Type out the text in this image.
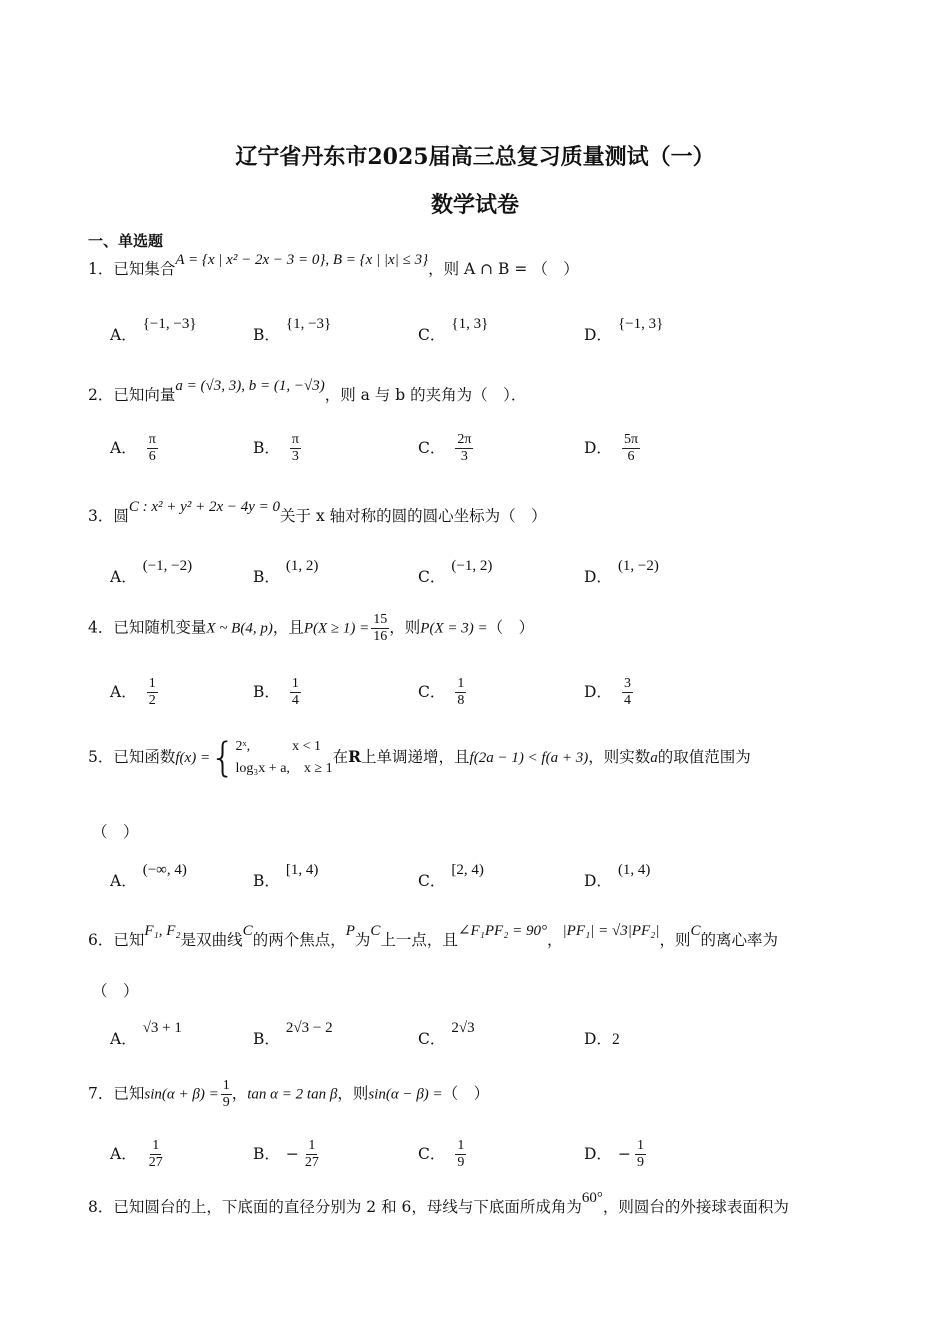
辽宁省丹东市2025届高三总复习质量测试（一）
数学试卷
一、单选题
1．已知集合A = {x | x² − 2x − 3 = 0}, B = {x | |x| ≤ 3}，则 A ∩ B = （　）
A．{−1, −3}
B．{1, −3}
C．{1, 3}
D．{−1, 3}
2．已知向量a = (√3, 3), b = (1, −√3)，则 a 与 b 的夹角为（　）．
A． $\frac{\pi}{6}$	B． $\frac{\pi}{3}$	C． $\frac{2\pi}{3}$	D． $\frac{5\pi}{6}$
3．圆C : x² + y² + 2x − 4y = 0关于 x 轴对称的圆的圆心坐标为（　）
A．(−1, −2)
B．(1, 2)
C．(−1, 2)
D．(1, −2)
4．已知随机变量X ~ B(4, p)，且$P(X \ge 1) = \frac{15}{16}$ ，则P(X = 3) =（　）
A． $\frac{1}{2}$	B． $\frac{1}{4}$	C． $\frac{1}{8}$	D． $\frac{3}{4}$
5．已知函数f(x) = { 2ˣ,　　　x < 1
log₃x + a,　x ≥ 1
在R上单调递增，且f(2a − 1) < f(a + 3)，则实数a的取值范围为
（　）
A．(−∞, 4)
B．[1, 4)
C．[2, 4)
D．(1, 4)
6．已知F₁, F₂是双曲线C的两个焦点，P为C上一点，且∠F₁PF₂ = 90°，|PF₁| = √3|PF₂|，则C的离心率为
（　）
A．√3 + 1
B．2√3 − 2
C．2√3
D．2
7．已知$\sin(\alpha + \beta) = \frac{1}{9}$ ，tan α = 2 tan β，则sin(α − β) =（　）
A． $\frac{1}{27}$	B． − $\frac{1}{27}$	C． $\frac{1}{9}$	D． − $\frac{1}{9}$
8．已知圆台的上，下底面的直径分别为 2 和 6，母线与下底面所成角为60°，则圆台的外接球表面积为
